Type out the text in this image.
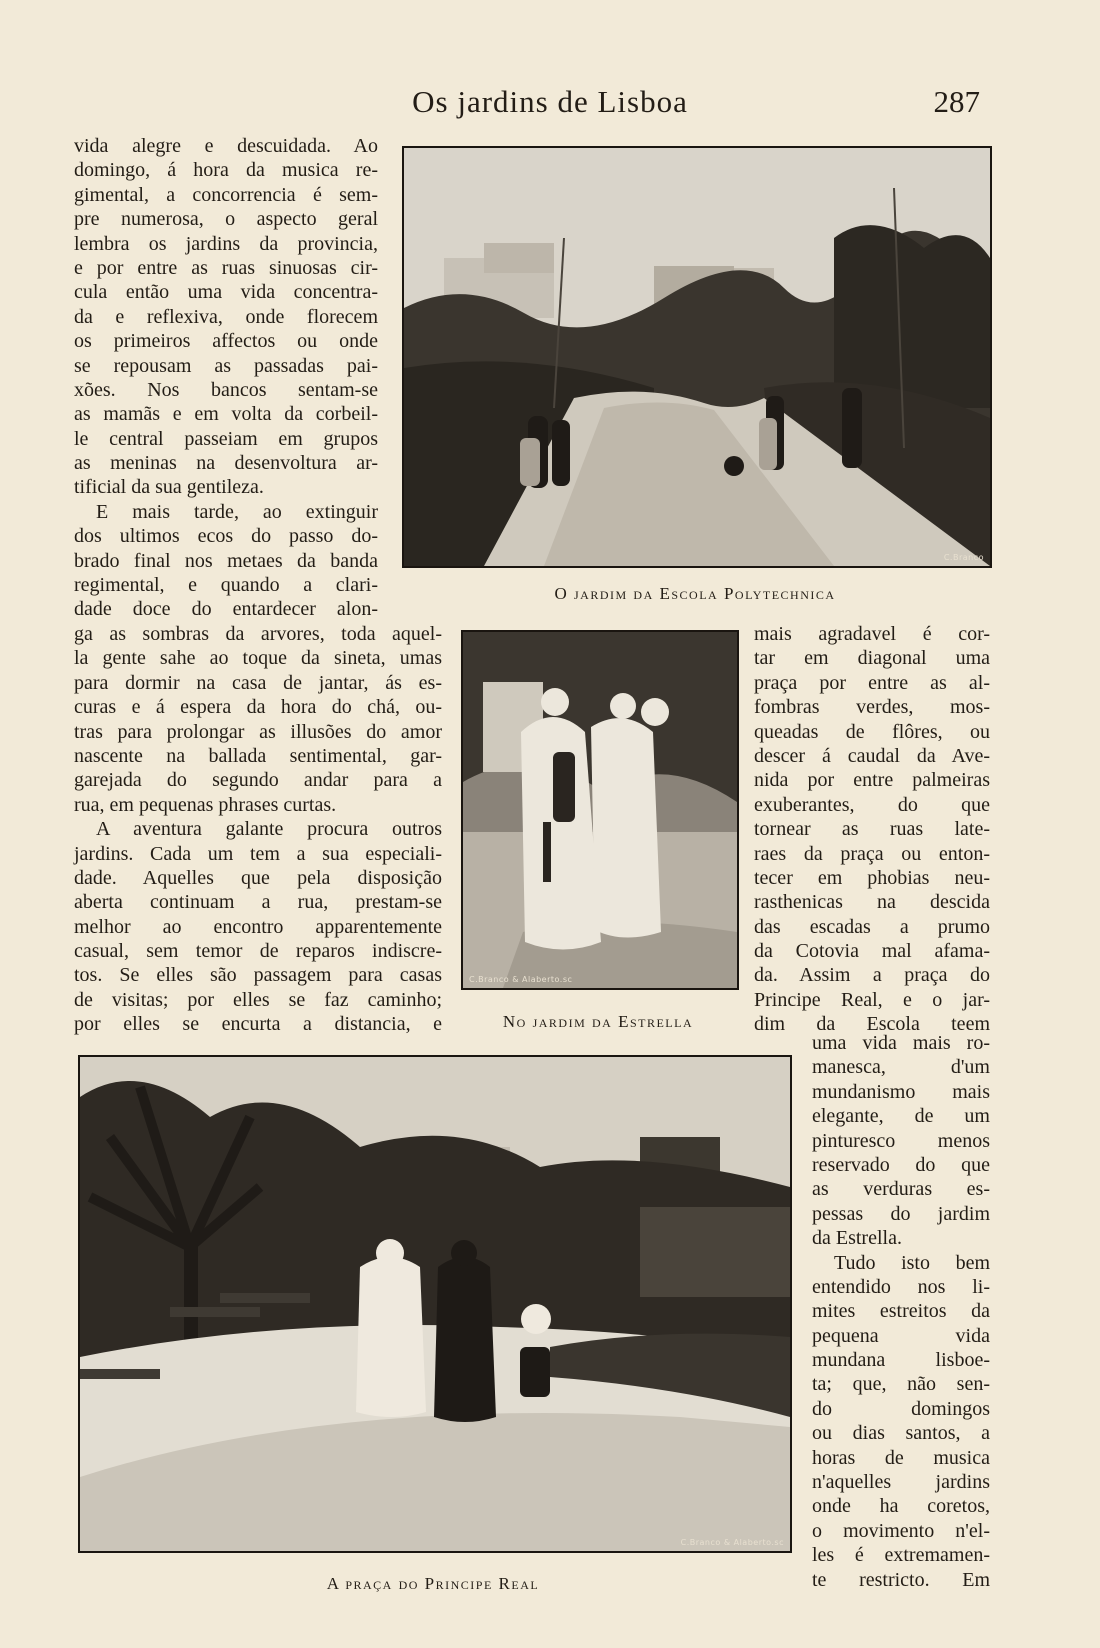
Os jardins de Lisboa	287
vida alegre e descuidada. Ao
domingo, á hora da musica re-
gimental, a concorrencia é sem-
pre numerosa, o aspecto geral
lembra os jardins da provincia,
e por entre as ruas sinuosas cir-
cula então uma vida concentra-
da e reflexiva, onde florecem
os primeiros affectos ou onde
se repousam as passadas pai-
xões. Nos bancos sentam-se
as mamãs e em volta da corbeil-
le central passeiam em grupos
as meninas na desenvoltura ar-
tificial da sua gentileza.
E mais tarde, ao extinguir
dos ultimos ecos do passo do-
brado final nos metaes da banda
regimental, e quando a clari-
dade doce do entardecer alon-
ga as sombras da arvores, toda aquel-
la gente sahe ao toque da sineta, umas
para dormir na casa de jantar, ás es-
curas e á espera da hora do chá, ou-
tras para prolongar as illusões do amor
nascente na ballada sentimental, gar-
garejada do segundo andar para a
rua, em pequenas phrases curtas.
A aventura galante procura outros
jardins. Cada um tem a sua especiali-
dade. Aquelles que pela disposição
aberta continuam a rua, prestam-se
melhor ao encontro apparentemente
casual, sem temor de reparos indiscre-
tos. Se elles são passagem para casas
de visitas; por elles se faz caminho;
por elles se encurta a distancia, e
mais agradavel é cor-
tar em diagonal uma
praça por entre as al-
fombras verdes, mos-
queadas de flôres, ou
descer á caudal da Ave-
nida por entre palmeiras
exuberantes, do que
tornear as ruas late-
raes da praça ou enton-
tecer em phobias neu-
rasthenicas na descida
das escadas a prumo
da Cotovia mal afama-
da. Assim a praça do
Principe Real, e o jar-
dim da Escola teem
uma vida mais ro-
manesca, d'um
mundanismo mais
elegante, de um
pinturesco menos
reservado do que
as verduras es-
pessas do jardim
da Estrella.
Tudo isto bem
entendido nos li-
mites estreitos da
pequena vida
mundana lisboe-
ta; que, não sen-
do domingos
ou dias santos, a
horas de musica
n'aquelles jardins
onde ha coretos,
o movimento n'el-
les é extremamen-
te restricto. Em
C.Branco
O jardim da Escola Polytechnica
C.Branco & Alaberto.sc
No jardim da Estrella
C.Branco & Alaberto.sc
A praça do Principe Real
